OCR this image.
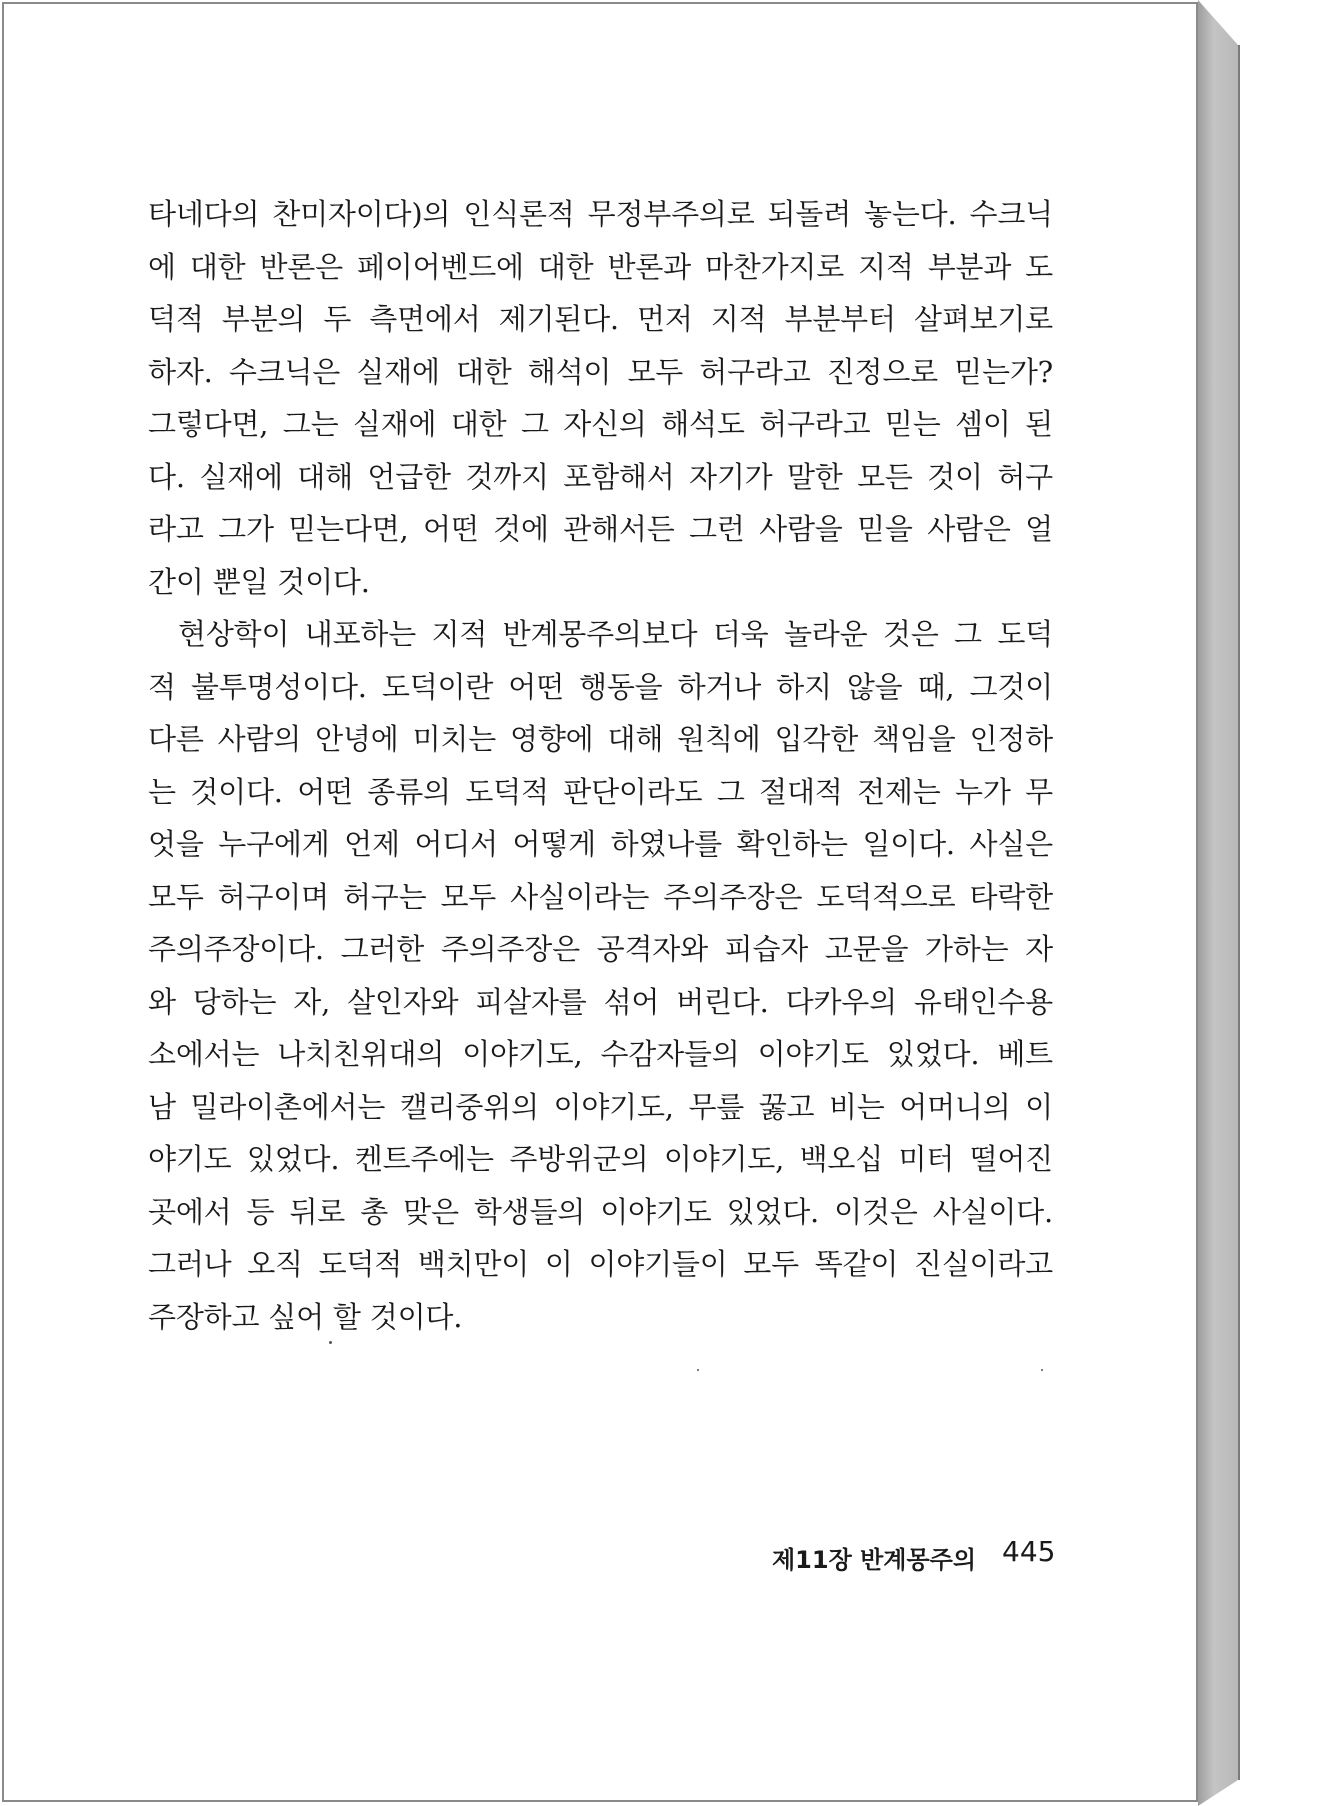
타네다의 찬미자이다)의 인식론적 무정부주의로 되돌려 놓는다. 수크닉
에 대한 반론은 페이어벤드에 대한 반론과 마찬가지로 지적 부분과 도
덕적 부분의 두 측면에서 제기된다. 먼저 지적 부분부터 살펴보기로
하자. 수크닉은 실재에 대한 해석이 모두 허구라고 진정으로 믿는가?
그렇다면, 그는 실재에 대한 그 자신의 해석도 허구라고 믿는 셈이 된
다. 실재에 대해 언급한 것까지 포함해서 자기가 말한 모든 것이 허구
라고 그가 믿는다면, 어떤 것에 관해서든 그런 사람을 믿을 사람은 얼
간이 뿐일 것이다.
현상학이 내포하는 지적 반계몽주의보다 더욱 놀라운 것은 그 도덕
적 불투명성이다. 도덕이란 어떤 행동을 하거나 하지 않을 때, 그것이
다른 사람의 안녕에 미치는 영향에 대해 원칙에 입각한 책임을 인정하
는 것이다. 어떤 종류의 도덕적 판단이라도 그 절대적 전제는 누가 무
엇을 누구에게 언제 어디서 어떻게 하였나를 확인하는 일이다. 사실은
모두 허구이며 허구는 모두 사실이라는 주의주장은 도덕적으로 타락한
주의주장이다. 그러한 주의주장은 공격자와 피습자 고문을 가하는 자
와 당하는 자, 살인자와 피살자를 섞어 버린다. 다카우의 유태인수용
소에서는 나치친위대의 이야기도, 수감자들의 이야기도 있었다. 베트
남 밀라이촌에서는 캘리중위의 이야기도, 무릎 꿇고 비는 어머니의 이
야기도 있었다. 켄트주에는 주방위군의 이야기도, 백오십 미터 떨어진
곳에서 등 뒤로 총 맞은 학생들의 이야기도 있었다. 이것은 사실이다.
그러나 오직 도덕적 백치만이 이 이야기들이 모두 똑같이 진실이라고
주장하고 싶어 할 것이다.
제11장 반계몽주의 445
